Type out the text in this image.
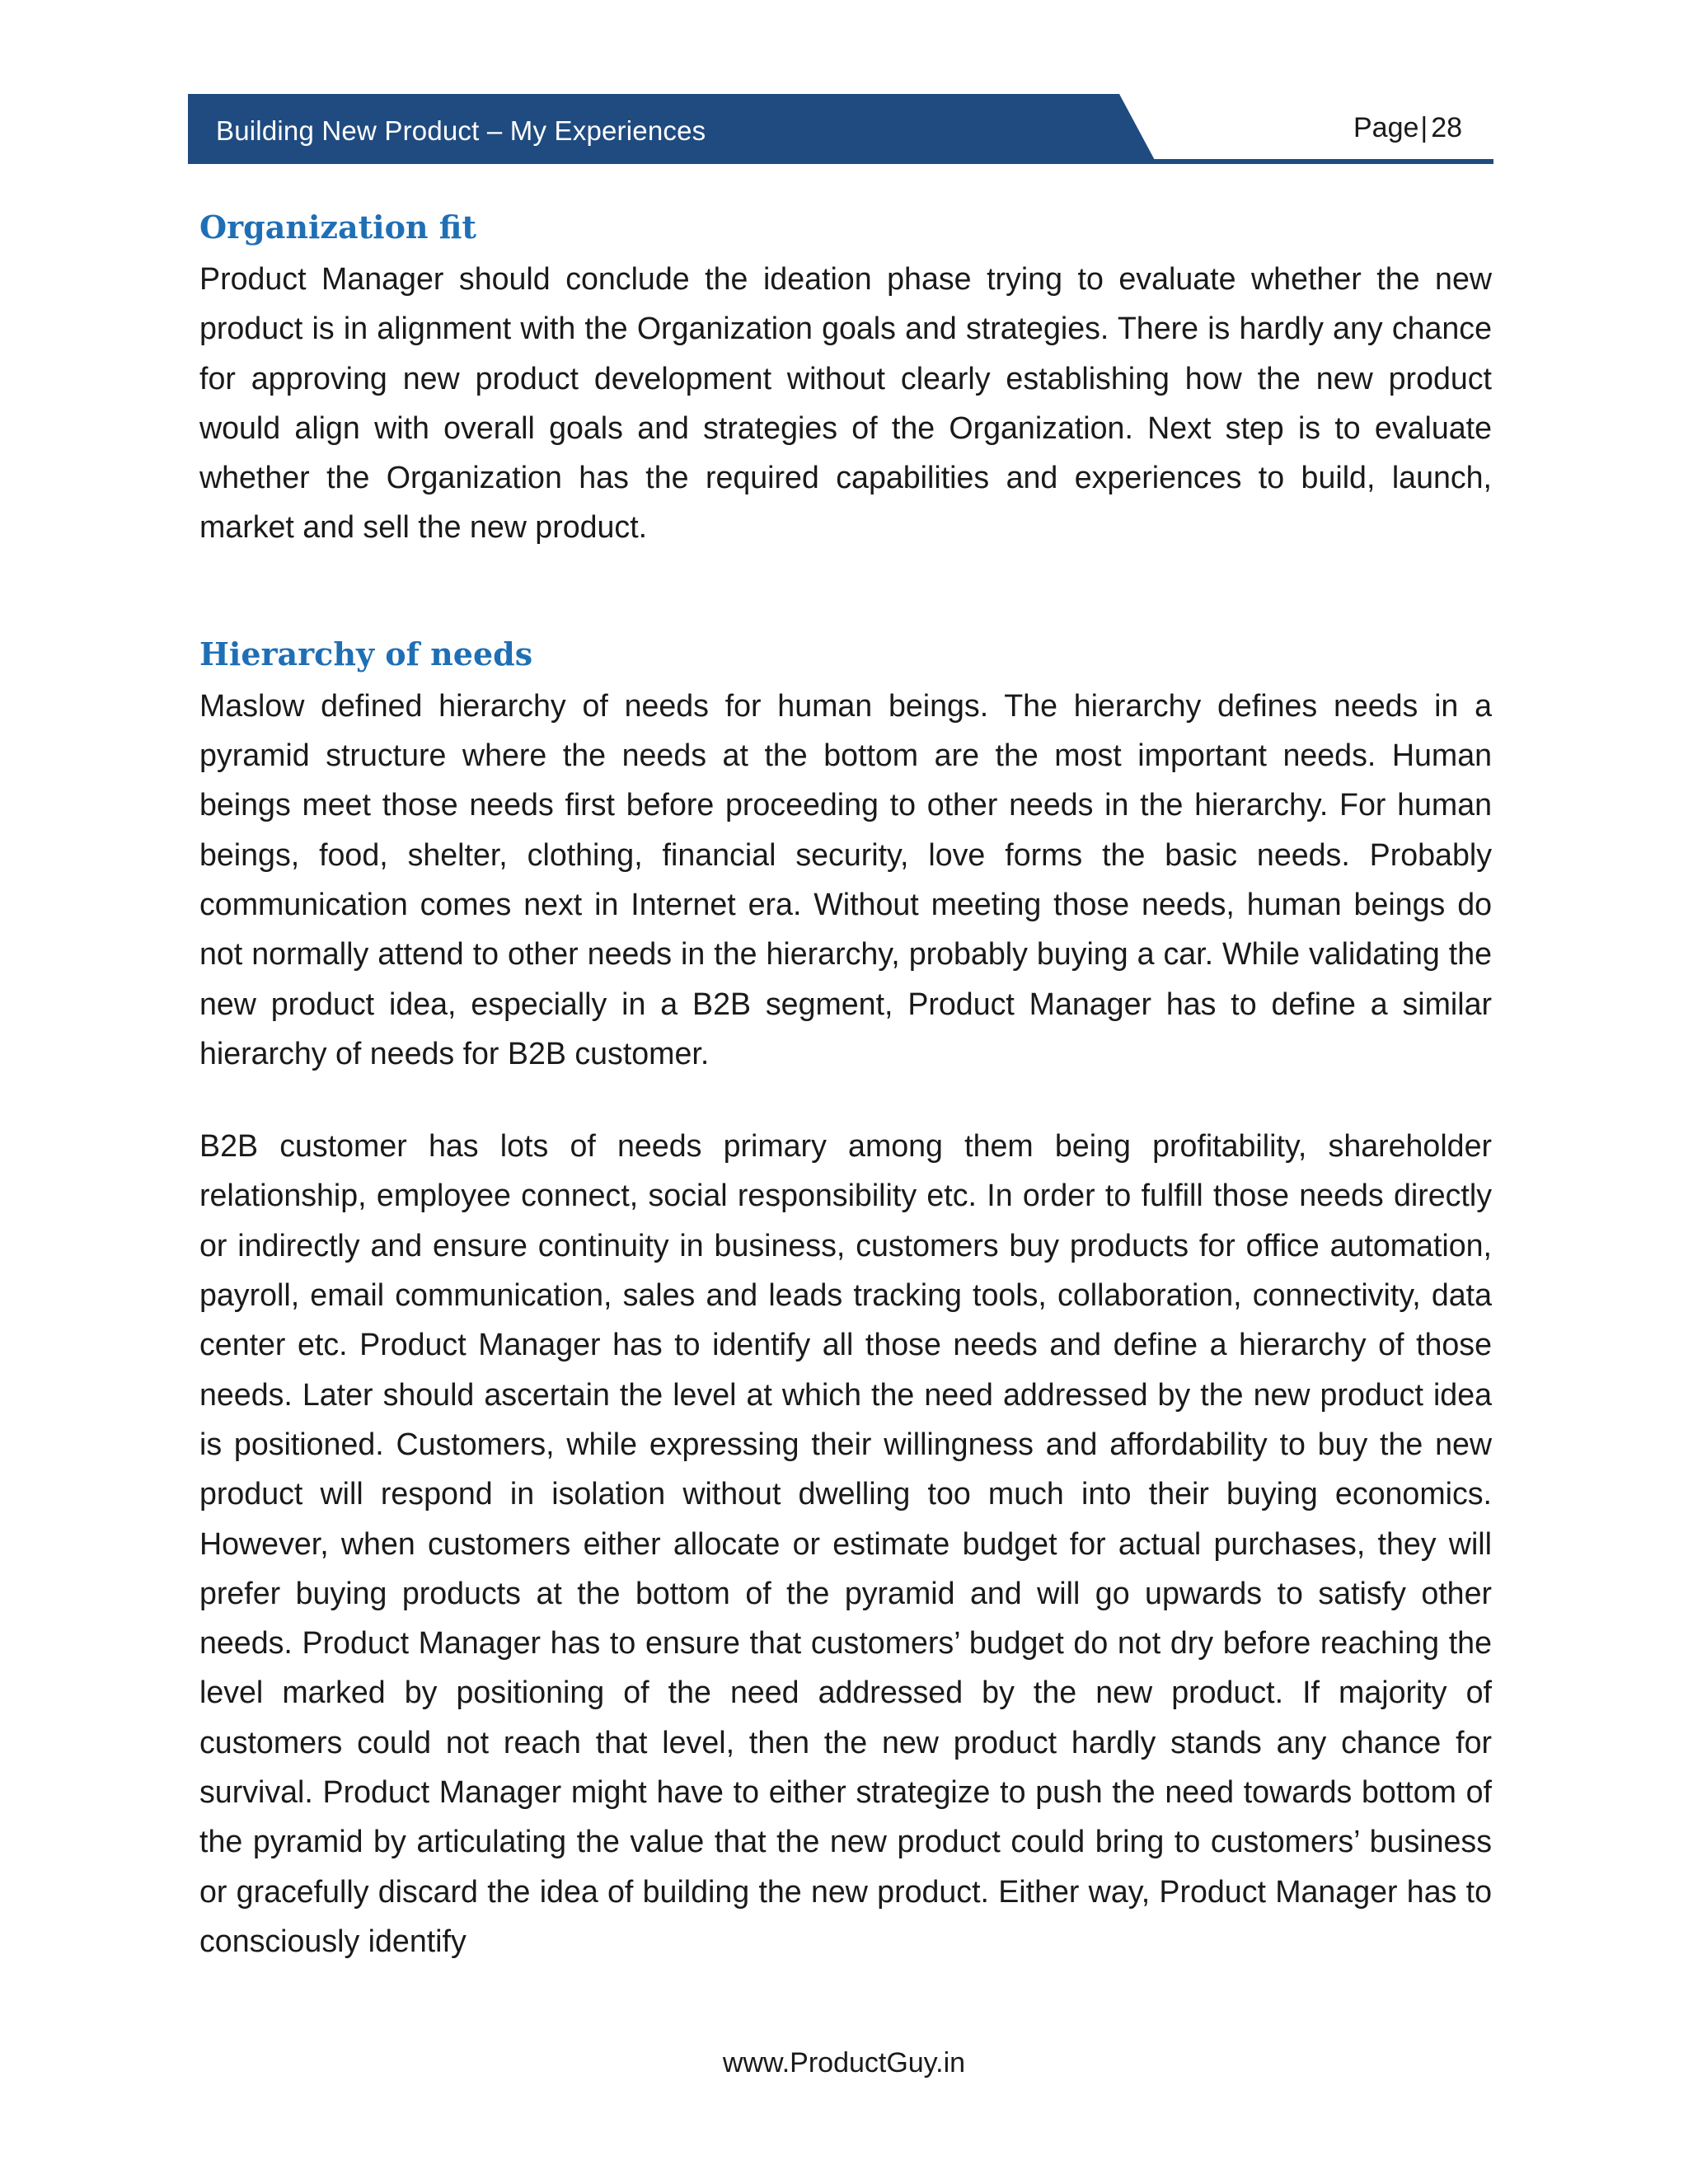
Building New Product – My Experiences	Page| 28
Organization fit

Product Manager should conclude the ideation phase trying to evaluate whether the new product is in alignment with the Organization goals and strategies. There is hardly any chance for approving new product development without clearly establishing how the new product would align with overall goals and strategies of the Organization. Next step is to evaluate whether the Organization has the required capabilities and experiences to build, launch, market and sell the new product.

Hierarchy of needs

Maslow defined hierarchy of needs for human beings. The hierarchy defines needs in a pyramid structure where the needs at the bottom are the most important needs. Human beings meet those needs first before proceeding to other needs in the hierarchy. For human beings, food, shelter, clothing, financial security, love forms the basic needs. Probably communication comes next in Internet era. Without meeting those needs, human beings do not normally attend to other needs in the hierarchy, probably buying a car. While validating the new product idea, especially in a B2B segment, Product Manager has to define a similar hierarchy of needs for B2B customer.

B2B customer has lots of needs primary among them being profitability, shareholder relationship, employee connect, social responsibility etc. In order to fulfill those needs directly or indirectly and ensure continuity in business, customers buy products for office automation, payroll, email communication, sales and leads tracking tools, collaboration, connectivity, data center etc. Product Manager has to identify all those needs and define a hierarchy of those needs. Later should ascertain the level at which the need addressed by the new product idea is positioned. Customers, while expressing their willingness and affordability to buy the new product will respond in isolation without dwelling too much into their buying economics. However, when customers either allocate or estimate budget for actual purchases, they will prefer buying products at the bottom of the pyramid and will go upwards to satisfy other needs. Product Manager has to ensure that customers’ budget do not dry before reaching the level marked by positioning of the need addressed by the new product. If majority of customers could not reach that level, then the new product hardly stands any chance for survival. Product Manager might have to either strategize to push the need towards bottom of the pyramid by articulating the value that the new product could bring to customers’ business or gracefully discard the idea of building the new product. Either way, Product Manager has to consciously identify

www.ProductGuy.in
